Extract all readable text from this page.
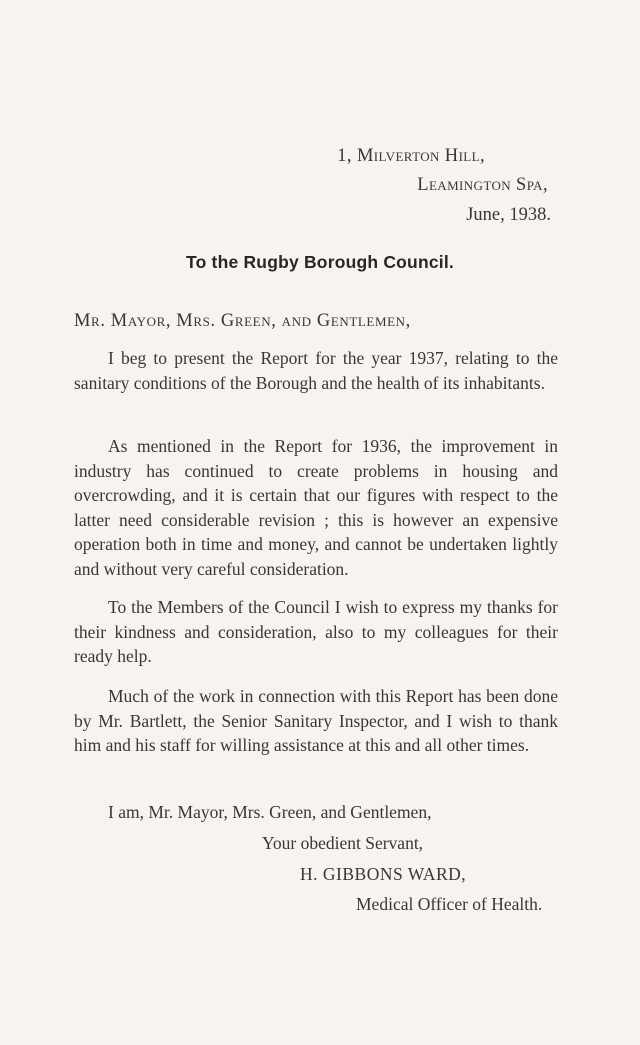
1, Milverton Hill,
Leamington Spa,
June, 1938.
To the Rugby Borough Council.
Mr. Mayor, Mrs. Green, and Gentlemen,

I beg to present the Report for the year 1937, relating to the sanitary conditions of the Borough and the health of its inhabitants.

As mentioned in the Report for 1936, the improvement in industry has continued to create problems in housing and overcrowding, and it is certain that our figures with respect to the latter need considerable revision ; this is however an expensive operation both in time and money, and cannot be undertaken lightly and without very careful consideration.

To the Members of the Council I wish to express my thanks for their kindness and consideration, also to my colleagues for their ready help.

Much of the work in connection with this Report has been done by Mr. Bartlett, the Senior Sanitary Inspector, and I wish to thank him and his staff for willing assistance at this and all other times.

I am, Mr. Mayor, Mrs. Green, and Gentlemen,
Your obedient Servant,
H. GIBBONS WARD,
Medical Officer of Health.
